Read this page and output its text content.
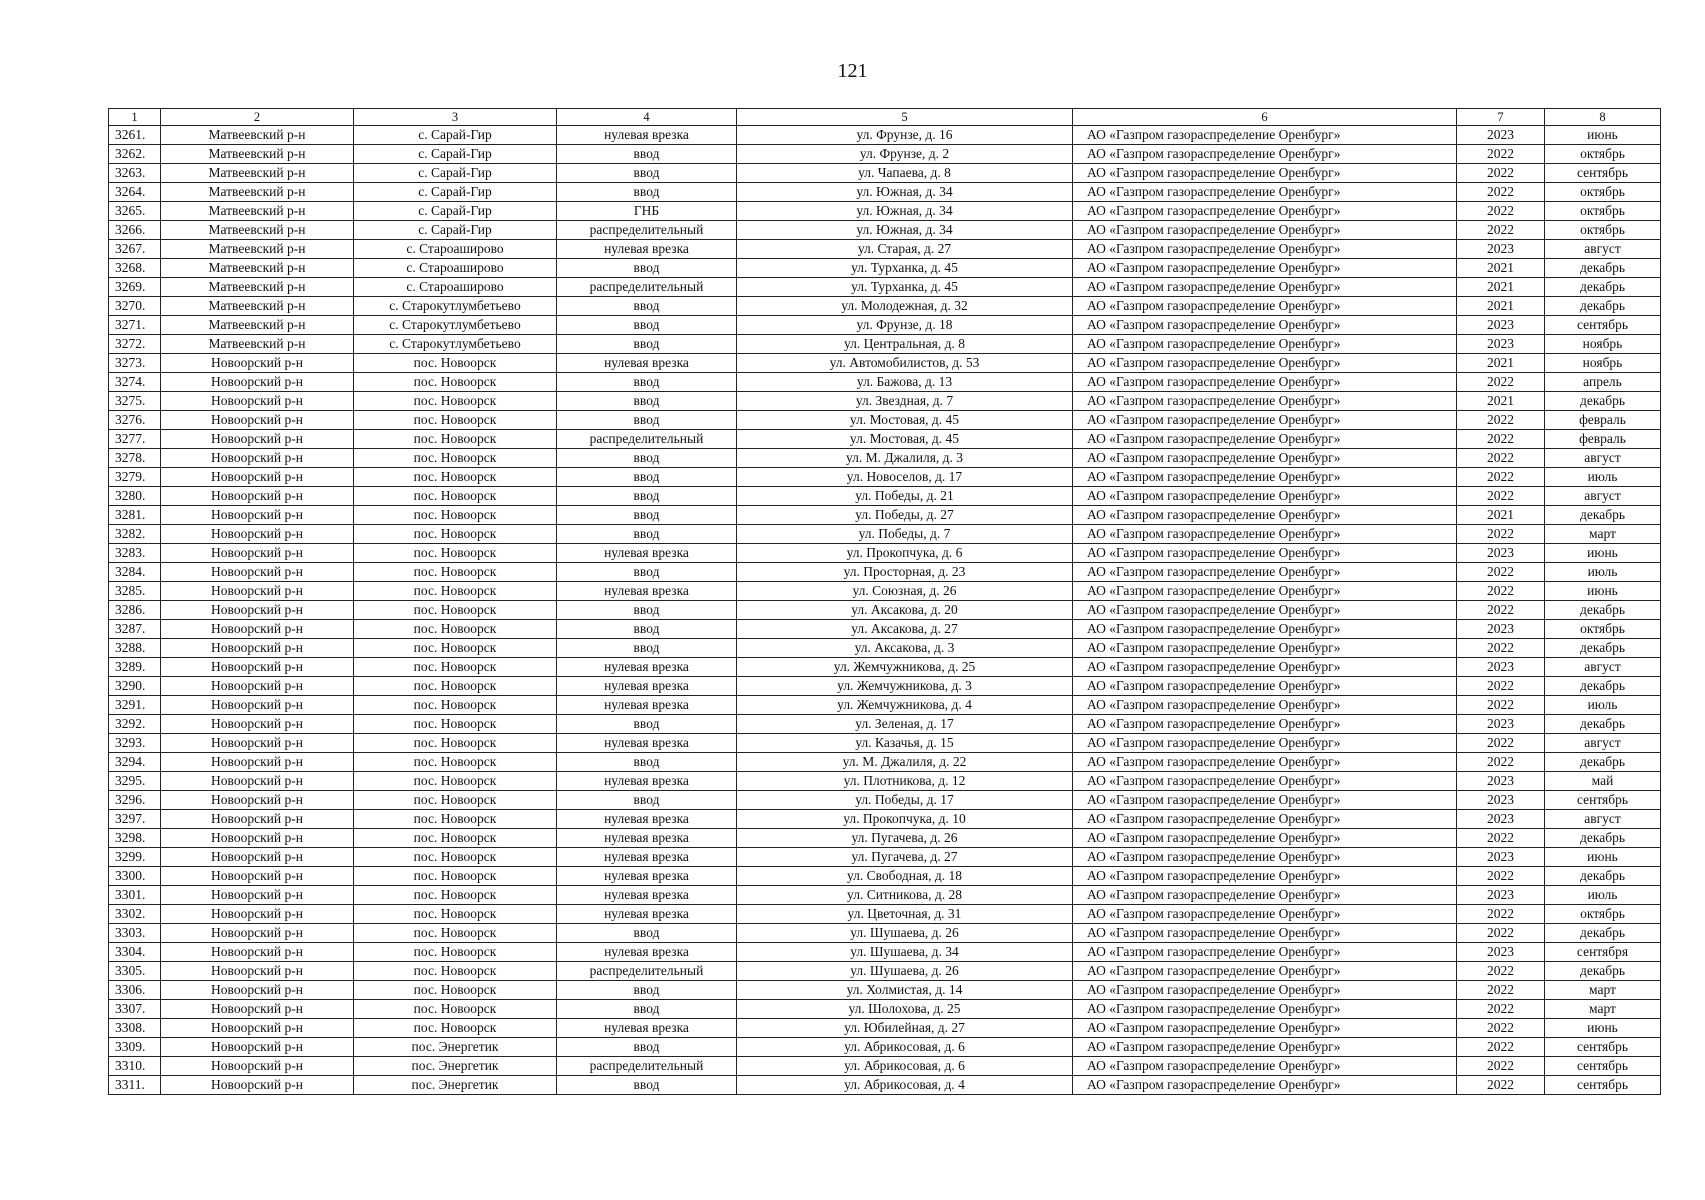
121
1	2	3	4	5	6	7	8
3261.	Матвеевский р-н	с. Сарай-Гир	нулевая врезка	ул. Фрунзе, д. 16	АО «Газпром газораспределение Оренбург»	2023	июнь
3262.	Матвеевский р-н	с. Сарай-Гир	ввод	ул. Фрунзе, д. 2	АО «Газпром газораспределение Оренбург»	2022	октябрь
3263.	Матвеевский р-н	с. Сарай-Гир	ввод	ул. Чапаева, д. 8	АО «Газпром газораспределение Оренбург»	2022	сентябрь
3264.	Матвеевский р-н	с. Сарай-Гир	ввод	ул. Южная, д. 34	АО «Газпром газораспределение Оренбург»	2022	октябрь
3265.	Матвеевский р-н	с. Сарай-Гир	ГНБ	ул. Южная, д. 34	АО «Газпром газораспределение Оренбург»	2022	октябрь
3266.	Матвеевский р-н	с. Сарай-Гир	распределительный	ул. Южная, д. 34	АО «Газпром газораспределение Оренбург»	2022	октябрь
3267.	Матвеевский р-н	с. Староаширово	нулевая врезка	ул. Старая, д. 27	АО «Газпром газораспределение Оренбург»	2023	август
3268.	Матвеевский р-н	с. Староаширово	ввод	ул. Турханка, д. 45	АО «Газпром газораспределение Оренбург»	2021	декабрь
3269.	Матвеевский р-н	с. Староаширово	распределительный	ул. Турханка, д. 45	АО «Газпром газораспределение Оренбург»	2021	декабрь
3270.	Матвеевский р-н	с. Старокутлумбетьево	ввод	ул. Молодежная, д. 32	АО «Газпром газораспределение Оренбург»	2021	декабрь
3271.	Матвеевский р-н	с. Старокутлумбетьево	ввод	ул. Фрунзе, д. 18	АО «Газпром газораспределение Оренбург»	2023	сентябрь
3272.	Матвеевский р-н	с. Старокутлумбетьево	ввод	ул. Центральная, д. 8	АО «Газпром газораспределение Оренбург»	2023	ноябрь
3273.	Новоорский р-н	пос. Новоорск	нулевая врезка	ул. Автомобилистов, д. 53	АО «Газпром газораспределение Оренбург»	2021	ноябрь
3274.	Новоорский р-н	пос. Новоорск	ввод	ул. Бажова, д. 13	АО «Газпром газораспределение Оренбург»	2022	апрель
3275.	Новоорский р-н	пос. Новоорск	ввод	ул. Звездная, д. 7	АО «Газпром газораспределение Оренбург»	2021	декабрь
3276.	Новоорский р-н	пос. Новоорск	ввод	ул. Мостовая, д. 45	АО «Газпром газораспределение Оренбург»	2022	февраль
3277.	Новоорский р-н	пос. Новоорск	распределительный	ул. Мостовая, д. 45	АО «Газпром газораспределение Оренбург»	2022	февраль
3278.	Новоорский р-н	пос. Новоорск	ввод	ул. М. Джалиля, д. 3	АО «Газпром газораспределение Оренбург»	2022	август
3279.	Новоорский р-н	пос. Новоорск	ввод	ул. Новоселов, д. 17	АО «Газпром газораспределение Оренбург»	2022	июль
3280.	Новоорский р-н	пос. Новоорск	ввод	ул. Победы, д. 21	АО «Газпром газораспределение Оренбург»	2022	август
3281.	Новоорский р-н	пос. Новоорск	ввод	ул. Победы, д. 27	АО «Газпром газораспределение Оренбург»	2021	декабрь
3282.	Новоорский р-н	пос. Новоорск	ввод	ул. Победы, д. 7	АО «Газпром газораспределение Оренбург»	2022	март
3283.	Новоорский р-н	пос. Новоорск	нулевая врезка	ул. Прокопчука, д. 6	АО «Газпром газораспределение Оренбург»	2023	июнь
3284.	Новоорский р-н	пос. Новоорск	ввод	ул. Просторная, д. 23	АО «Газпром газораспределение Оренбург»	2022	июль
3285.	Новоорский р-н	пос. Новоорск	нулевая врезка	ул. Союзная, д. 26	АО «Газпром газораспределение Оренбург»	2022	июнь
3286.	Новоорский р-н	пос. Новоорск	ввод	ул. Аксакова, д. 20	АО «Газпром газораспределение Оренбург»	2022	декабрь
3287.	Новоорский р-н	пос. Новоорск	ввод	ул. Аксакова, д. 27	АО «Газпром газораспределение Оренбург»	2023	октябрь
3288.	Новоорский р-н	пос. Новоорск	ввод	ул. Аксакова, д. 3	АО «Газпром газораспределение Оренбург»	2022	декабрь
3289.	Новоорский р-н	пос. Новоорск	нулевая врезка	ул. Жемчужникова, д. 25	АО «Газпром газораспределение Оренбург»	2023	август
3290.	Новоорский р-н	пос. Новоорск	нулевая врезка	ул. Жемчужникова, д. 3	АО «Газпром газораспределение Оренбург»	2022	декабрь
3291.	Новоорский р-н	пос. Новоорск	нулевая врезка	ул. Жемчужникова, д. 4	АО «Газпром газораспределение Оренбург»	2022	июль
3292.	Новоорский р-н	пос. Новоорск	ввод	ул. Зеленая, д. 17	АО «Газпром газораспределение Оренбург»	2023	декабрь
3293.	Новоорский р-н	пос. Новоорск	нулевая врезка	ул. Казачья, д. 15	АО «Газпром газораспределение Оренбург»	2022	август
3294.	Новоорский р-н	пос. Новоорск	ввод	ул. М. Джалиля, д. 22	АО «Газпром газораспределение Оренбург»	2022	декабрь
3295.	Новоорский р-н	пос. Новоорск	нулевая врезка	ул. Плотникова, д. 12	АО «Газпром газораспределение Оренбург»	2023	май
3296.	Новоорский р-н	пос. Новоорск	ввод	ул. Победы, д. 17	АО «Газпром газораспределение Оренбург»	2023	сентябрь
3297.	Новоорский р-н	пос. Новоорск	нулевая врезка	ул. Прокопчука, д. 10	АО «Газпром газораспределение Оренбург»	2023	август
3298.	Новоорский р-н	пос. Новоорск	нулевая врезка	ул. Пугачева, д. 26	АО «Газпром газораспределение Оренбург»	2022	декабрь
3299.	Новоорский р-н	пос. Новоорск	нулевая врезка	ул. Пугачева, д. 27	АО «Газпром газораспределение Оренбург»	2023	июнь
3300.	Новоорский р-н	пос. Новоорск	нулевая врезка	ул. Свободная, д. 18	АО «Газпром газораспределение Оренбург»	2022	декабрь
3301.	Новоорский р-н	пос. Новоорск	нулевая врезка	ул. Ситникова, д. 28	АО «Газпром газораспределение Оренбург»	2023	июль
3302.	Новоорский р-н	пос. Новоорск	нулевая врезка	ул. Цветочная, д. 31	АО «Газпром газораспределение Оренбург»	2022	октябрь
3303.	Новоорский р-н	пос. Новоорск	ввод	ул. Шушаева, д. 26	АО «Газпром газораспределение Оренбург»	2022	декабрь
3304.	Новоорский р-н	пос. Новоорск	нулевая врезка	ул. Шушаева, д. 34	АО «Газпром газораспределение Оренбург»	2023	сентября
3305.	Новоорский р-н	пос. Новоорск	распределительный	ул. Шушаева, д. 26	АО «Газпром газораспределение Оренбург»	2022	декабрь
3306.	Новоорский р-н	пос. Новоорск	ввод	ул. Холмистая, д. 14	АО «Газпром газораспределение Оренбург»	2022	март
3307.	Новоорский р-н	пос. Новоорск	ввод	ул. Шолохова, д. 25	АО «Газпром газораспределение Оренбург»	2022	март
3308.	Новоорский р-н	пос. Новоорск	нулевая врезка	ул. Юбилейная, д. 27	АО «Газпром газораспределение Оренбург»	2022	июнь
3309.	Новоорский р-н	пос. Энергетик	ввод	ул. Абрикосовая, д. 6	АО «Газпром газораспределение Оренбург»	2022	сентябрь
3310.	Новоорский р-н	пос. Энергетик	распределительный	ул. Абрикосовая, д. 6	АО «Газпром газораспределение Оренбург»	2022	сентябрь
3311.	Новоорский р-н	пос. Энергетик	ввод	ул. Абрикосовая, д. 4	АО «Газпром газораспределение Оренбург»	2022	сентябрь
